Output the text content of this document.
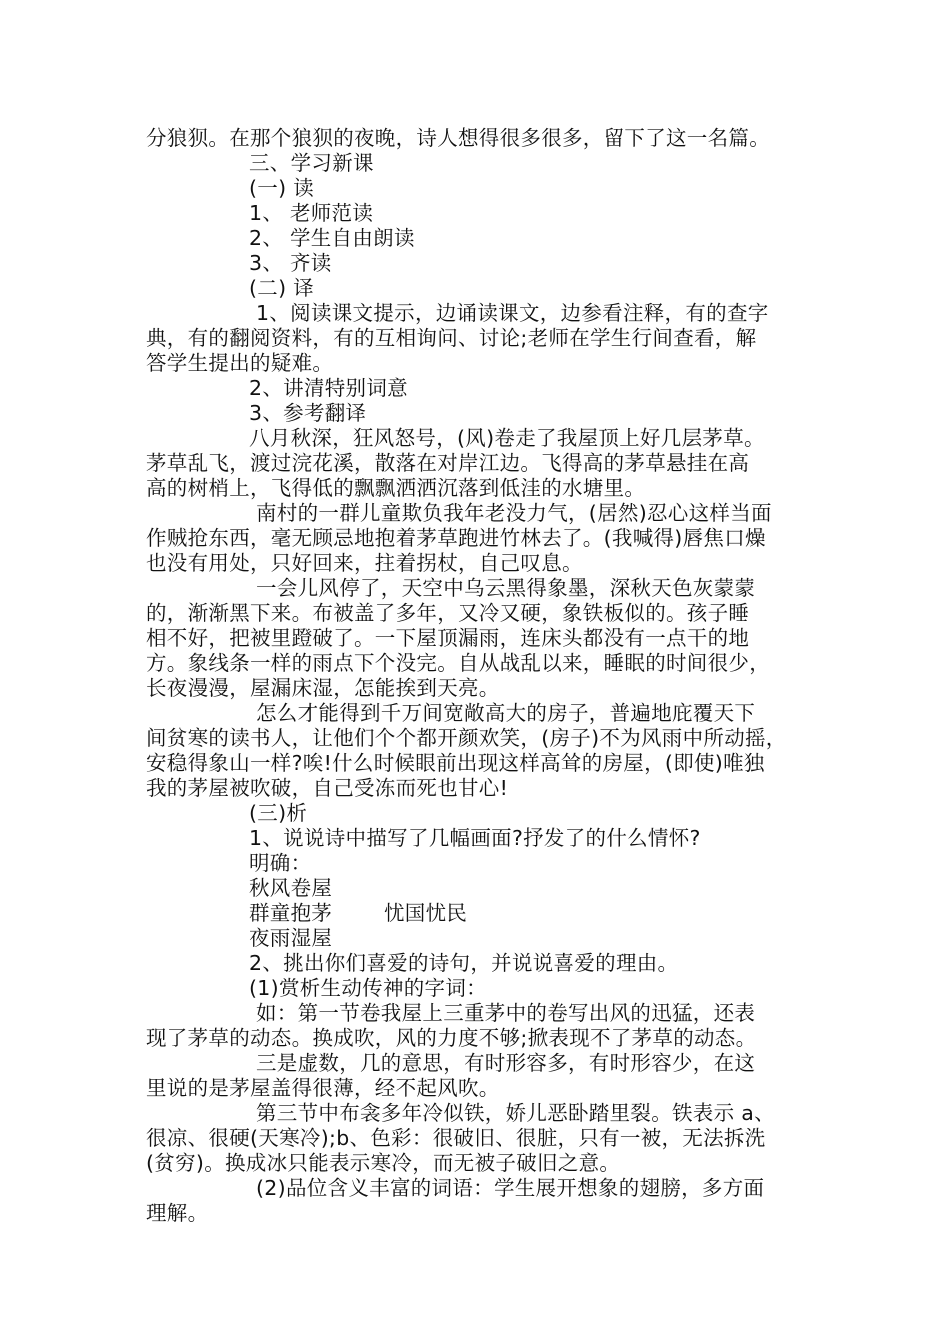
分狼狈。在那个狼狈的夜晚，诗人想得很多很多，留下了这一名篇。
三、学习新课
(一) 读
1、 老师范读
2、 学生自由朗读
3、 齐读
(二) 译
1、阅读课文提示，边诵读课文，边参看注释，有的查字
典，有的翻阅资料，有的互相询问、讨论;老师在学生行间查看，解
答学生提出的疑难。
2、讲清特别词意
3、参考翻译
八月秋深，狂风怒号，(风)卷走了我屋顶上好几层茅草。
茅草乱飞，渡过浣花溪，散落在对岸江边。飞得高的茅草悬挂在高
高的树梢上，飞得低的飘飘洒洒沉落到低洼的水塘里。
南村的一群儿童欺负我年老没力气，(居然)忍心这样当面
作贼抢东西，毫无顾忌地抱着茅草跑进竹林去了。(我喊得)唇焦口燥
也没有用处，只好回来，拄着拐杖，自己叹息。
一会儿风停了，天空中乌云黑得象墨，深秋天色灰蒙蒙
的，渐渐黑下来。布被盖了多年，又冷又硬，象铁板似的。孩子睡
相不好，把被里蹬破了。一下屋顶漏雨，连床头都没有一点干的地
方。象线条一样的雨点下个没完。自从战乱以来，睡眠的时间很少，
长夜漫漫，屋漏床湿，怎能挨到天亮。
怎么才能得到千万间宽敞高大的房子，普遍地庇覆天下
间贫寒的读书人，让他们个个都开颜欢笑，(房子)不为风雨中所动摇，
安稳得象山一样?唉!什么时候眼前出现这样高耸的房屋，(即使)唯独
我的茅屋被吹破，自己受冻而死也甘心!
(三)析
1、说说诗中描写了几幅画面?抒发了的什么情怀?
明确：
秋风卷屋
群童抱茅	忧国忧民
夜雨湿屋
2、挑出你们喜爱的诗句，并说说喜爱的理由。
(1)赏析生动传神的字词：
如：第一节卷我屋上三重茅中的卷写出风的迅猛，还表
现了茅草的动态。换成吹，风的力度不够;掀表现不了茅草的动态。
三是虚数，几的意思，有时形容多，有时形容少，在这
里说的是茅屋盖得很薄，经不起风吹。
第三节中布衾多年冷似铁，娇儿恶卧踏里裂。铁表示 a、
很凉、很硬(天寒冷);b、色彩：很破旧、很脏，只有一被，无法拆洗
(贫穷)。换成冰只能表示寒冷，而无被子破旧之意。
(2)品位含义丰富的词语：学生展开想象的翅膀，多方面
理解。
